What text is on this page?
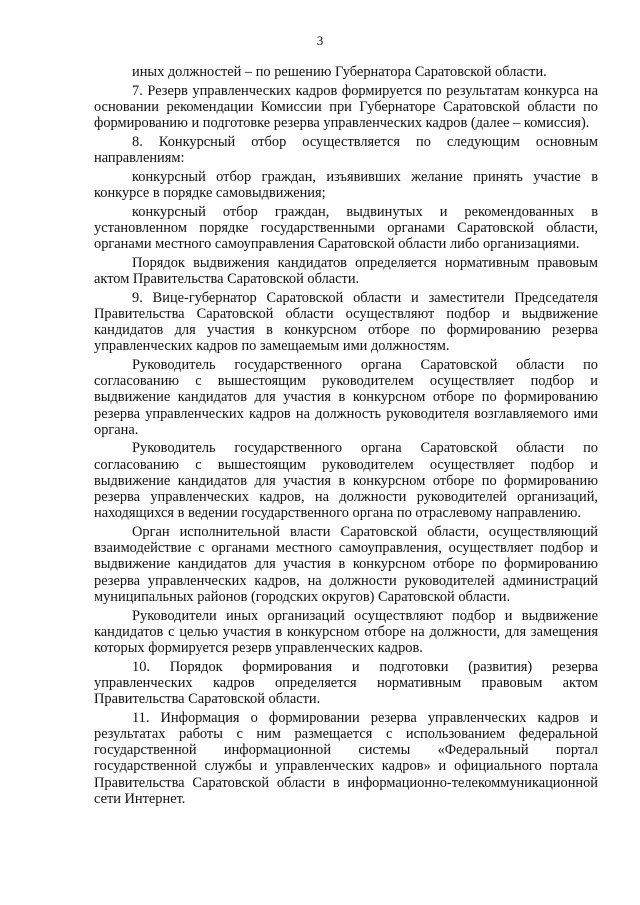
3

иных должностей – по решению Губернатора Саратовской области.

7. Резерв управленческих кадров формируется по результатам конкурса на основании рекомендации Комиссии при Губернаторе Саратовской области по формированию и подготовке резерва управленческих кадров (далее – комиссия).

8. Конкурсный отбор осуществляется по следующим основным направлениям:

конкурсный отбор граждан, изъявивших желание принять участие в конкурсе в порядке самовыдвижения;

конкурсный отбор граждан, выдвинутых и рекомендованных в установленном порядке государственными органами Саратовской области, органами местного самоуправления Саратовской области либо организациями.

Порядок выдвижения кандидатов определяется нормативным правовым актом Правительства Саратовской области.

9. Вице-губернатор Саратовской области и заместители Председателя Правительства Саратовской области осуществляют подбор и выдвижение кандидатов для участия в конкурсном отборе по формированию резерва управленческих кадров по замещаемым ими должностям.

Руководитель государственного органа Саратовской области по согласованию с вышестоящим руководителем осуществляет подбор и выдвижение кандидатов для участия в конкурсном отборе по формированию резерва управленческих кадров на должность руководителя возглавляемого ими органа.

Руководитель государственного органа Саратовской области по согласованию с вышестоящим руководителем осуществляет подбор и выдвижение кандидатов для участия в конкурсном отборе по формированию резерва управленческих кадров, на должности руководителей организаций, находящихся в ведении государственного органа по отраслевому направлению.

Орган исполнительной власти Саратовской области, осуществляющий взаимодействие с органами местного самоуправления, осуществляет подбор и выдвижение кандидатов для участия в конкурсном отборе по формированию резерва управленческих кадров, на должности руководителей администраций муниципальных районов (городских округов) Саратовской области.

Руководители иных организаций осуществляют подбор и выдвижение кандидатов с целью участия в конкурсном отборе на должности, для замещения которых формируется резерв управленческих кадров.

10. Порядок формирования и подготовки (развития) резерва управленческих кадров определяется нормативным правовым актом Правительства Саратовской области.

11. Информация о формировании резерва управленческих кадров и результатах работы с ним размещается с использованием федеральной государственной информационной системы «Федеральный портал государственной службы и управленческих кадров» и официального портала Правительства Саратовской области в информационно-телекоммуникационной сети Интернет.
